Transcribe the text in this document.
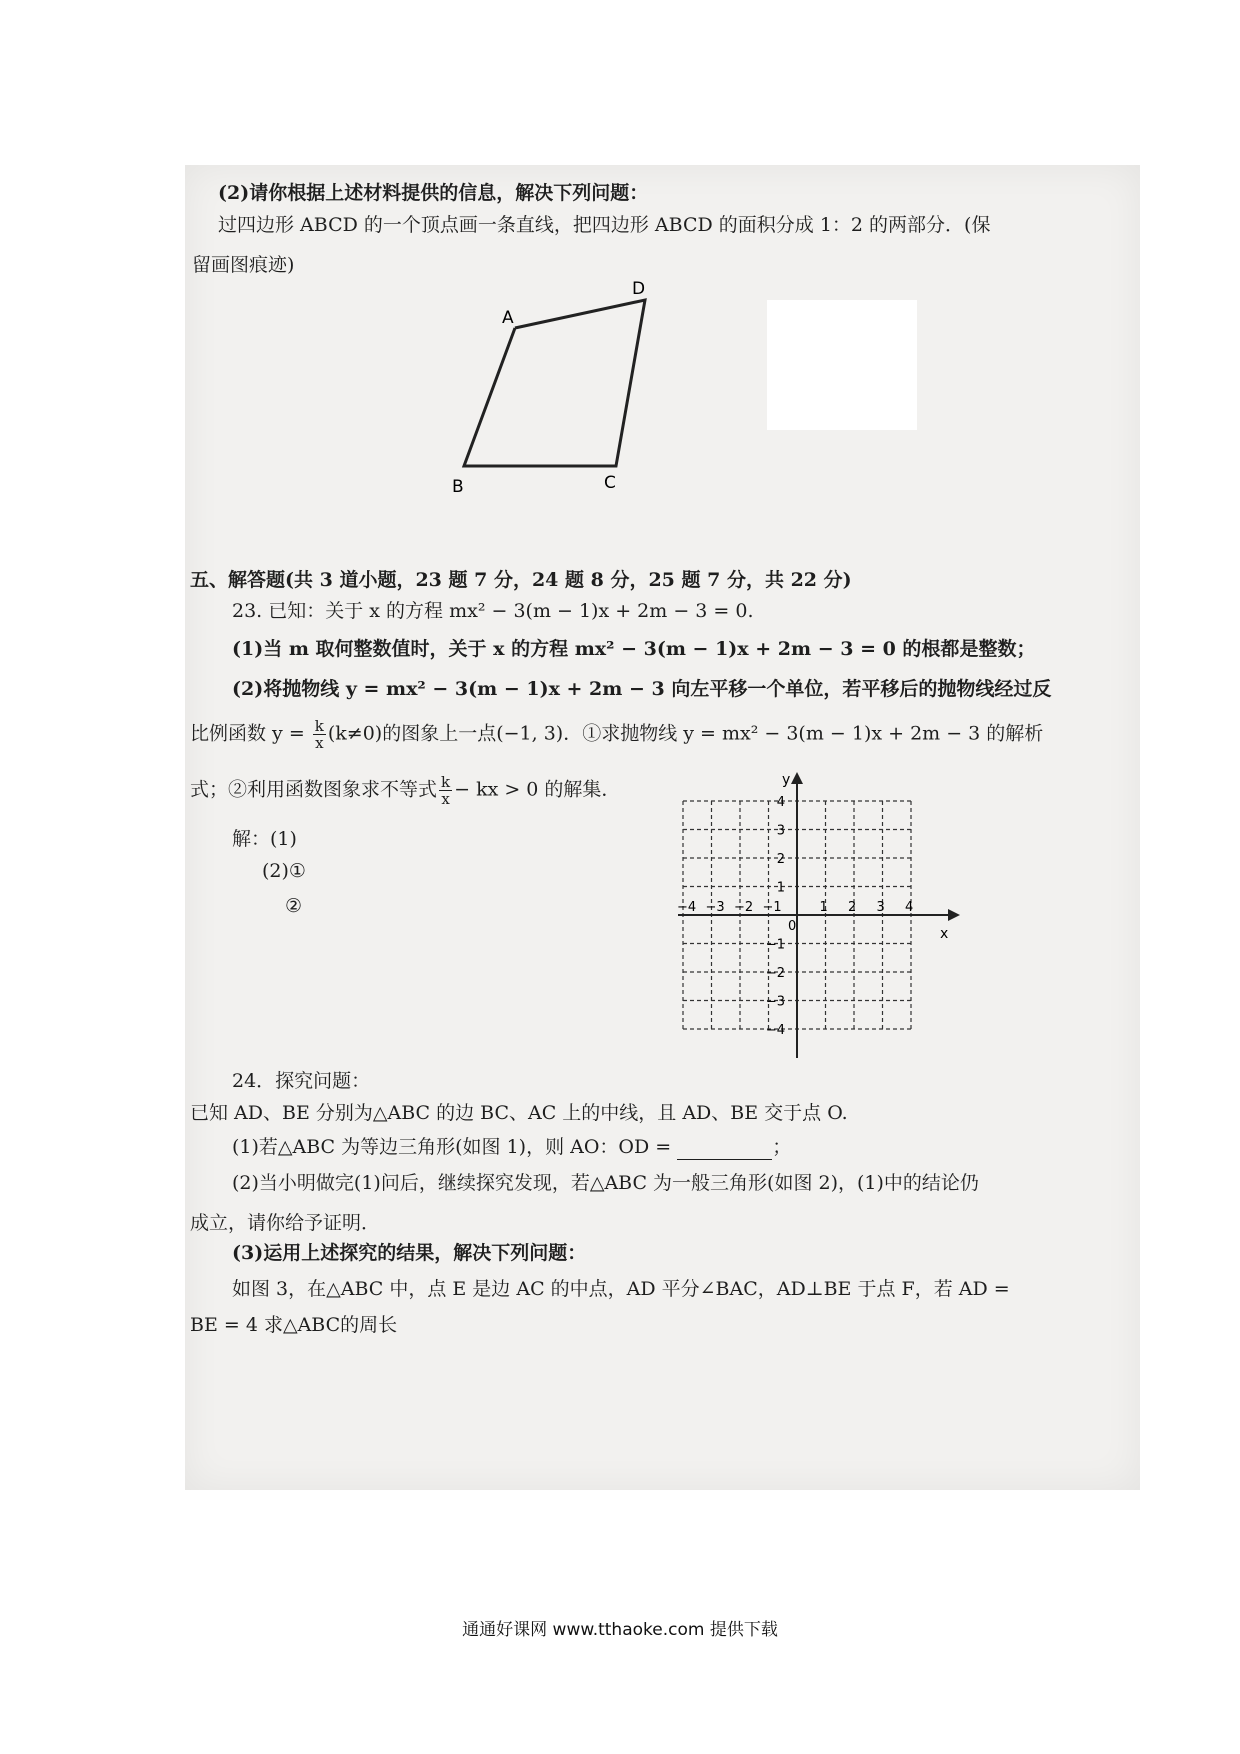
(2)请你根据上述材料提供的信息，解决下列问题：
过四边形 ABCD 的一个顶点画一条直线，把四边形 ABCD 的面积分成 1：2 的两部分．(保
留画图痕迹)
A
D
B	C
五、解答题(共 3 道小题，23 题 7 分，24 题 8 分，25 题 7 分，共 22 分)
23. 已知：关于 x 的方程 mx² − 3(m − 1)x + 2m − 3 = 0.
(1)当 m 取何整数值时，关于 x 的方程 mx² − 3(m − 1)x + 2m − 3 = 0 的根都是整数；
(2)将抛物线 y = mx² − 3(m − 1)x + 2m − 3 向左平移一个单位，若平移后的抛物线经过反
比例函数 $y = \frac{k}{x} (k\ne 0)$的图象上一点(−1, 3)．①求抛物线 y = mx² − 3(m − 1)x + 2m − 3 的解析
式；②利用函数图象求不等式 $\frac{k}{x}$ − kx > 0 的解集．
解：(1)
(2)①
②
x
y
0
−4 −3 −2 −1	1 2 3 4
4
3
2
1
−1
−2
−3
−4
24．探究问题：
已知 AD、BE 分别为△ABC 的边 BC、AC 上的中线，且 AD、BE 交于点 O.
(1)若△ABC 为等边三角形(如图 1)，则 AO：OD =	；
(2)当小明做完(1)问后，继续探究发现，若△ABC 为一般三角形(如图 2)，(1)中的结论仍
成立，请你给予证明．
(3)运用上述探究的结果，解决下列问题：
如图 3，在△ABC 中，点 E 是边 AC 的中点，AD 平分∠BAC，AD⊥BE 于点 F，若 AD =
BE = 4 求△ABC的周长
通通好课网 www.tthaoke.com 提供下载
